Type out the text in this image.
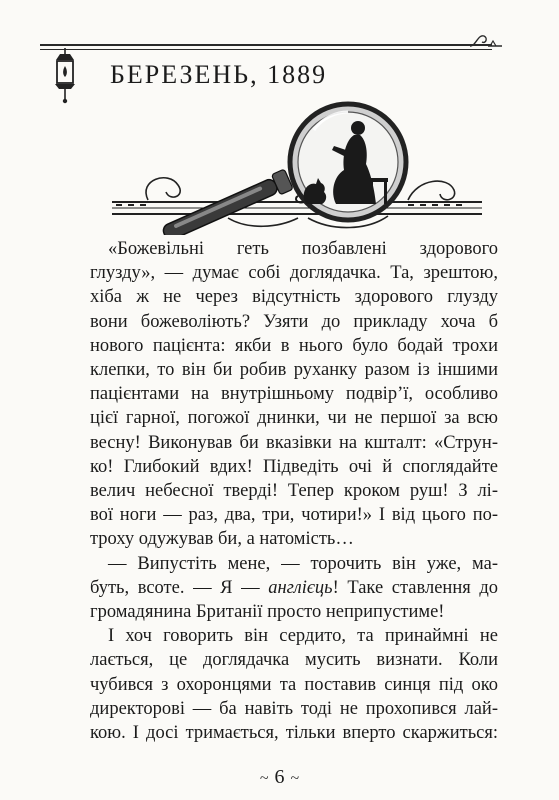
БЕРЕЗЕНЬ, 1889

«Божевільні геть позбавлені здорового
глузду», — думає собі доглядачка. Та, зрештою,
хіба ж не через відсутність здорового глузду
вони божеволіють? Узяти до прикладу хоча б
нового пацієнта: якби в нього було бодай трохи
клепки, то він би робив руханку разом із іншими
пацієнтами на внутрішньому подвір’ї, особливо
цієї гарної, погожої днинки, чи не першої за всю
весну! Виконував би вказівки на кшталт: «Струн-
ко! Глибокий вдих! Підведіть очі й споглядайте
велич небесної тверді! Тепер кроком руш! З лі-
вої ноги — раз, два, три, чотири!» І від цього по-
троху одужував би, а натомість…

— Випустіть мене, — торочить він уже, ма-
буть, всоте. — Я — англієць! Таке ставлення до
громадянина Британії просто неприпустиме!

І хоч говорить він сердито, та принаймні не
лається, це доглядачка мусить визнати. Коли
чубився з охоронцями та поставив синця під око
директорові — ба навіть тоді не прохопився лай-
кою. І досі тримається, тільки вперто скаржиться:

~ 6 ~
